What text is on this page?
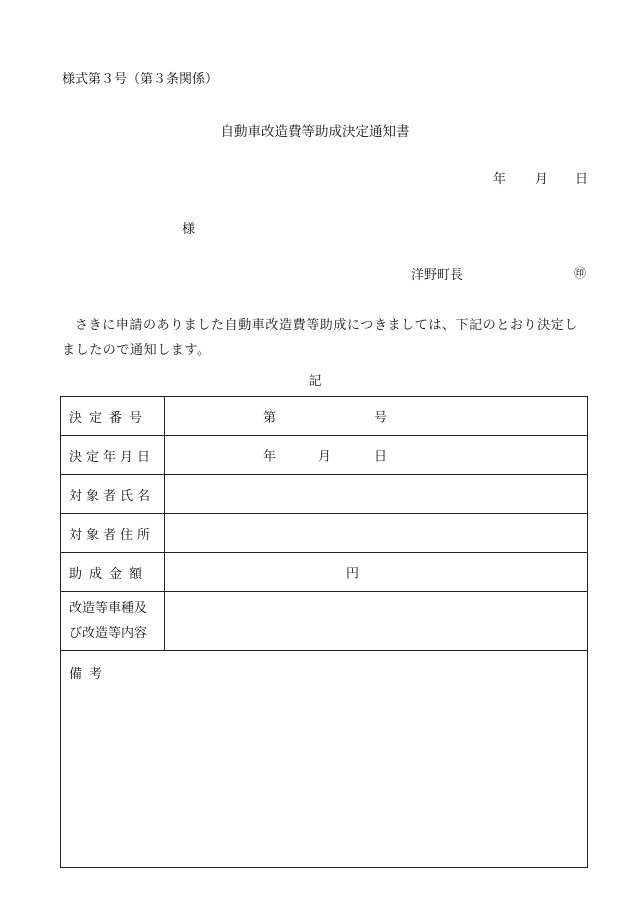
様式第３号（第３条関係）
自動車改造費等助成決定通知書
年 月 日
様
洋野町長	㊞
さきに申請のありました自動車改造費等助成につきましては、下記のとおり決定しましたので通知します。
記
決定番号	第 号

決定年月日	年 月 日

対象者氏名	
対象者住所	
助成金額	円

改造等車種及
び改造等内容	

備考	
